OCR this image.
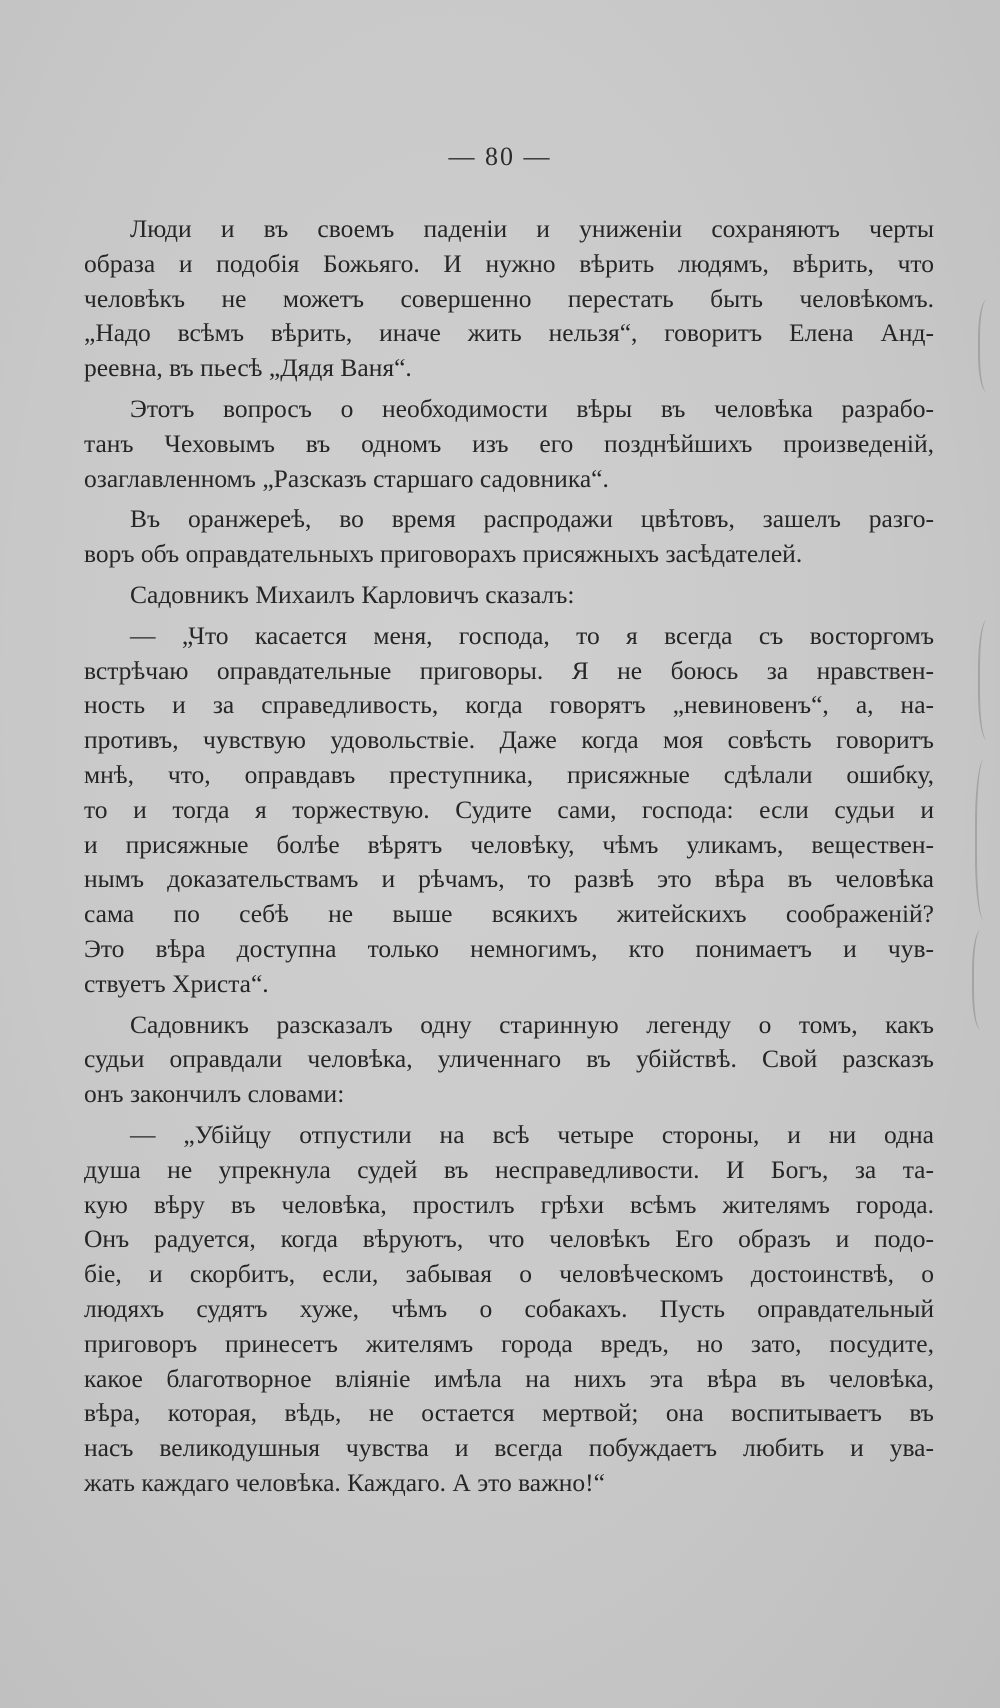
— 80 —
Люди и въ своемъ паденіи и униженіи сохраняютъ черты
образа и подобія Божьяго. И нужно вѣрить людямъ, вѣрить, что
человѣкъ не можетъ совершенно перестать быть человѣкомъ.
„Надо всѣмъ вѣрить, иначе жить нельзя“, говоритъ Елена Анд-
реевна, въ пьесѣ „Дядя Ваня“.
Этотъ вопросъ о необходимости вѣры въ человѣка разрабо-
танъ Чеховымъ въ одномъ изъ его позднѣйшихъ произведеній,
озаглавленномъ „Разсказъ старшаго садовника“.
Въ оранжереѣ, во время распродажи цвѣтовъ, зашелъ разго-
воръ объ оправдательныхъ приговорахъ присяжныхъ засѣдателей.
Садовникъ Михаилъ Карловичъ сказалъ:
— „Что касается меня, господа, то я всегда съ восторгомъ
встрѣчаю оправдательные приговоры. Я не боюсь за нравствен-
ность и за справедливость, когда говорятъ „невиновенъ“, а, на-
противъ, чувствую удовольствіе. Даже когда моя совѣсть говоритъ
мнѣ, что, оправдавъ преступника, присяжные сдѣлали ошибку,
то и тогда я торжествую. Судите сами, господа: если судьи и
и присяжные болѣе вѣрятъ человѣку, чѣмъ уликамъ, веществен-
нымъ доказательствамъ и рѣчамъ, то развѣ это вѣра въ человѣка
сама по себѣ не выше всякихъ житейскихъ соображеній?
Это вѣра доступна только немногимъ, кто понимаетъ и чув-
ствуетъ Христа“.
Садовникъ разсказалъ одну старинную легенду о томъ, какъ
судьи оправдали человѣка, уличеннаго въ убійствѣ. Свой разсказъ
онъ закончилъ словами:
— „Убійцу отпустили на всѣ четыре стороны, и ни одна
душа не упрекнула судей въ несправедливости. И Богъ, за та-
кую вѣру въ человѣка, простилъ грѣхи всѣмъ жителямъ города.
Онъ радуется, когда вѣруютъ, что человѣкъ Его образъ и подо-
біе, и скорбитъ, если, забывая о человѣческомъ достоинствѣ, о
людяхъ судятъ хуже, чѣмъ о собакахъ. Пусть оправдательный
приговоръ принесетъ жителямъ города вредъ, но зато, посудите,
какое благотворное вліяніе имѣла на нихъ эта вѣра въ человѣка,
вѣра, которая, вѣдь, не остается мертвой; она воспитываетъ въ
насъ великодушныя чувства и всегда побуждаетъ любить и ува-
жать каждаго человѣка. Каждаго. А это важно!“
